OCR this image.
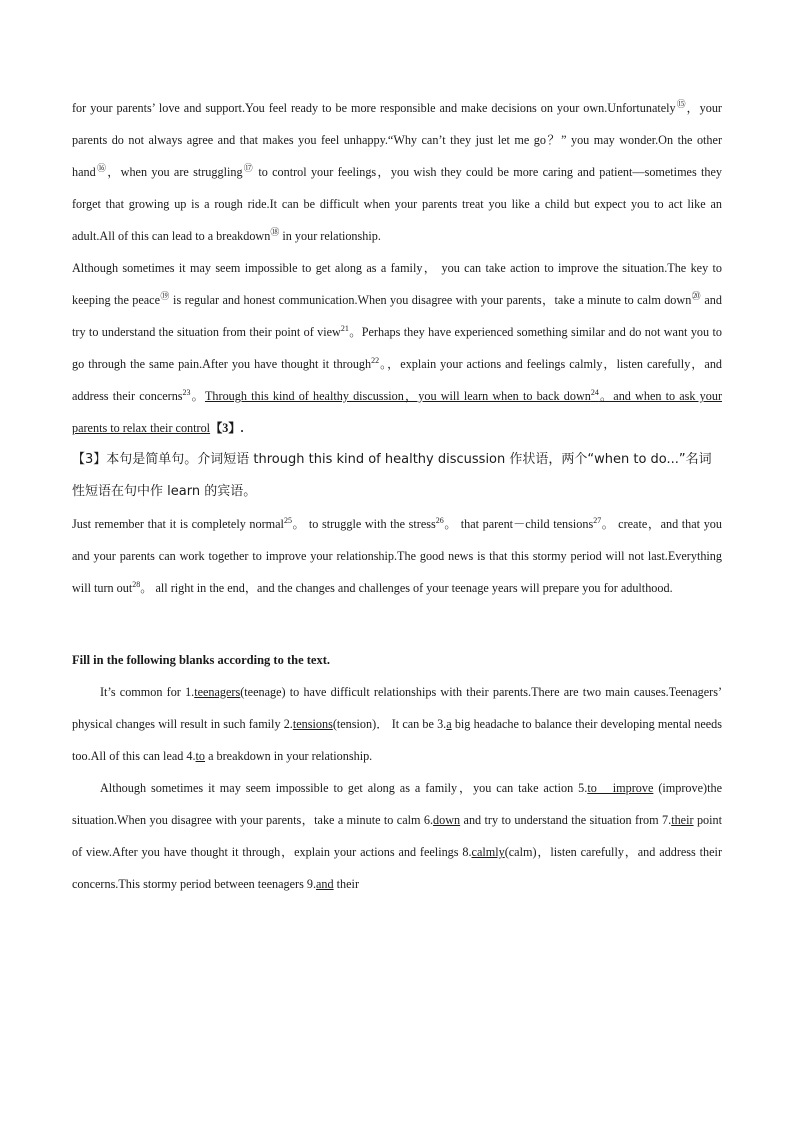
for your parents’ love and support.You feel ready to be more responsible and make decisions on your own.Unfortunately⑮，your parents do not always agree and that makes you feel unhappy.“Why can’t they just let me go？” you may wonder.On the other hand⑯，when you are struggling⑰ to control your feelings，you wish they could be more caring and patient—sometimes they forget that growing up is a rough ride.It can be difficult when your parents treat you like a child but expect you to act like an adult.All of this can lead to a breakdown⑱ in your relationship.

Although sometimes it may seem impossible to get along as a family， you can take action to improve the situation.The key to keeping the peace⑲ is regular and honest communication.When you disagree with your parents，take a minute to calm down⑳ and try to understand the situation from their point of view$^{21}$。Perhaps they have experienced something similar and do not want you to go through the same pain.After you have thought it through$^{22}$。，explain your actions and feelings calmly，listen carefully，and address their concerns$^{23}$。Through this kind of healthy discussion，you will learn when to back down$^{24}$。and when to ask your parents to relax their control【3】.

【3】本句是简单句。介词短语 through this kind of healthy discussion 作状语，两个“when to do...”名词性短语在句中作 learn 的宾语。

Just remember that it is completely normal$^{25}$。 to struggle with the stress$^{26}$。 that parent－child tensions$^{27}$。 create，and that you and your parents can work together to improve your relationship.The good news is that this stormy period will not last.Everything will turn out$^{28}$。 all right in the end，and the changes and challenges of your teenage years will prepare you for adulthood.

Fill in the following blanks according to the text.

It’s common for 1.teenagers(teenage) to have difficult relationships with their parents.There are two main causes.Teenagers’ physical changes will result in such family 2.tensions(tension)． It can be 3.a big headache to balance their developing mental needs too.All of this can lead 4.to a breakdown in your relationship.

Although sometimes it may seem impossible to get along as a family，you can take action 5.to　improve (improve)the situation.When you disagree with your parents，take a minute to calm 6.down and try to understand the situation from 7.their point of view.After you have thought it through，explain your actions and feelings 8.calmly(calm)，listen carefully，and address their concerns.This stormy period between teenagers 9.and their
